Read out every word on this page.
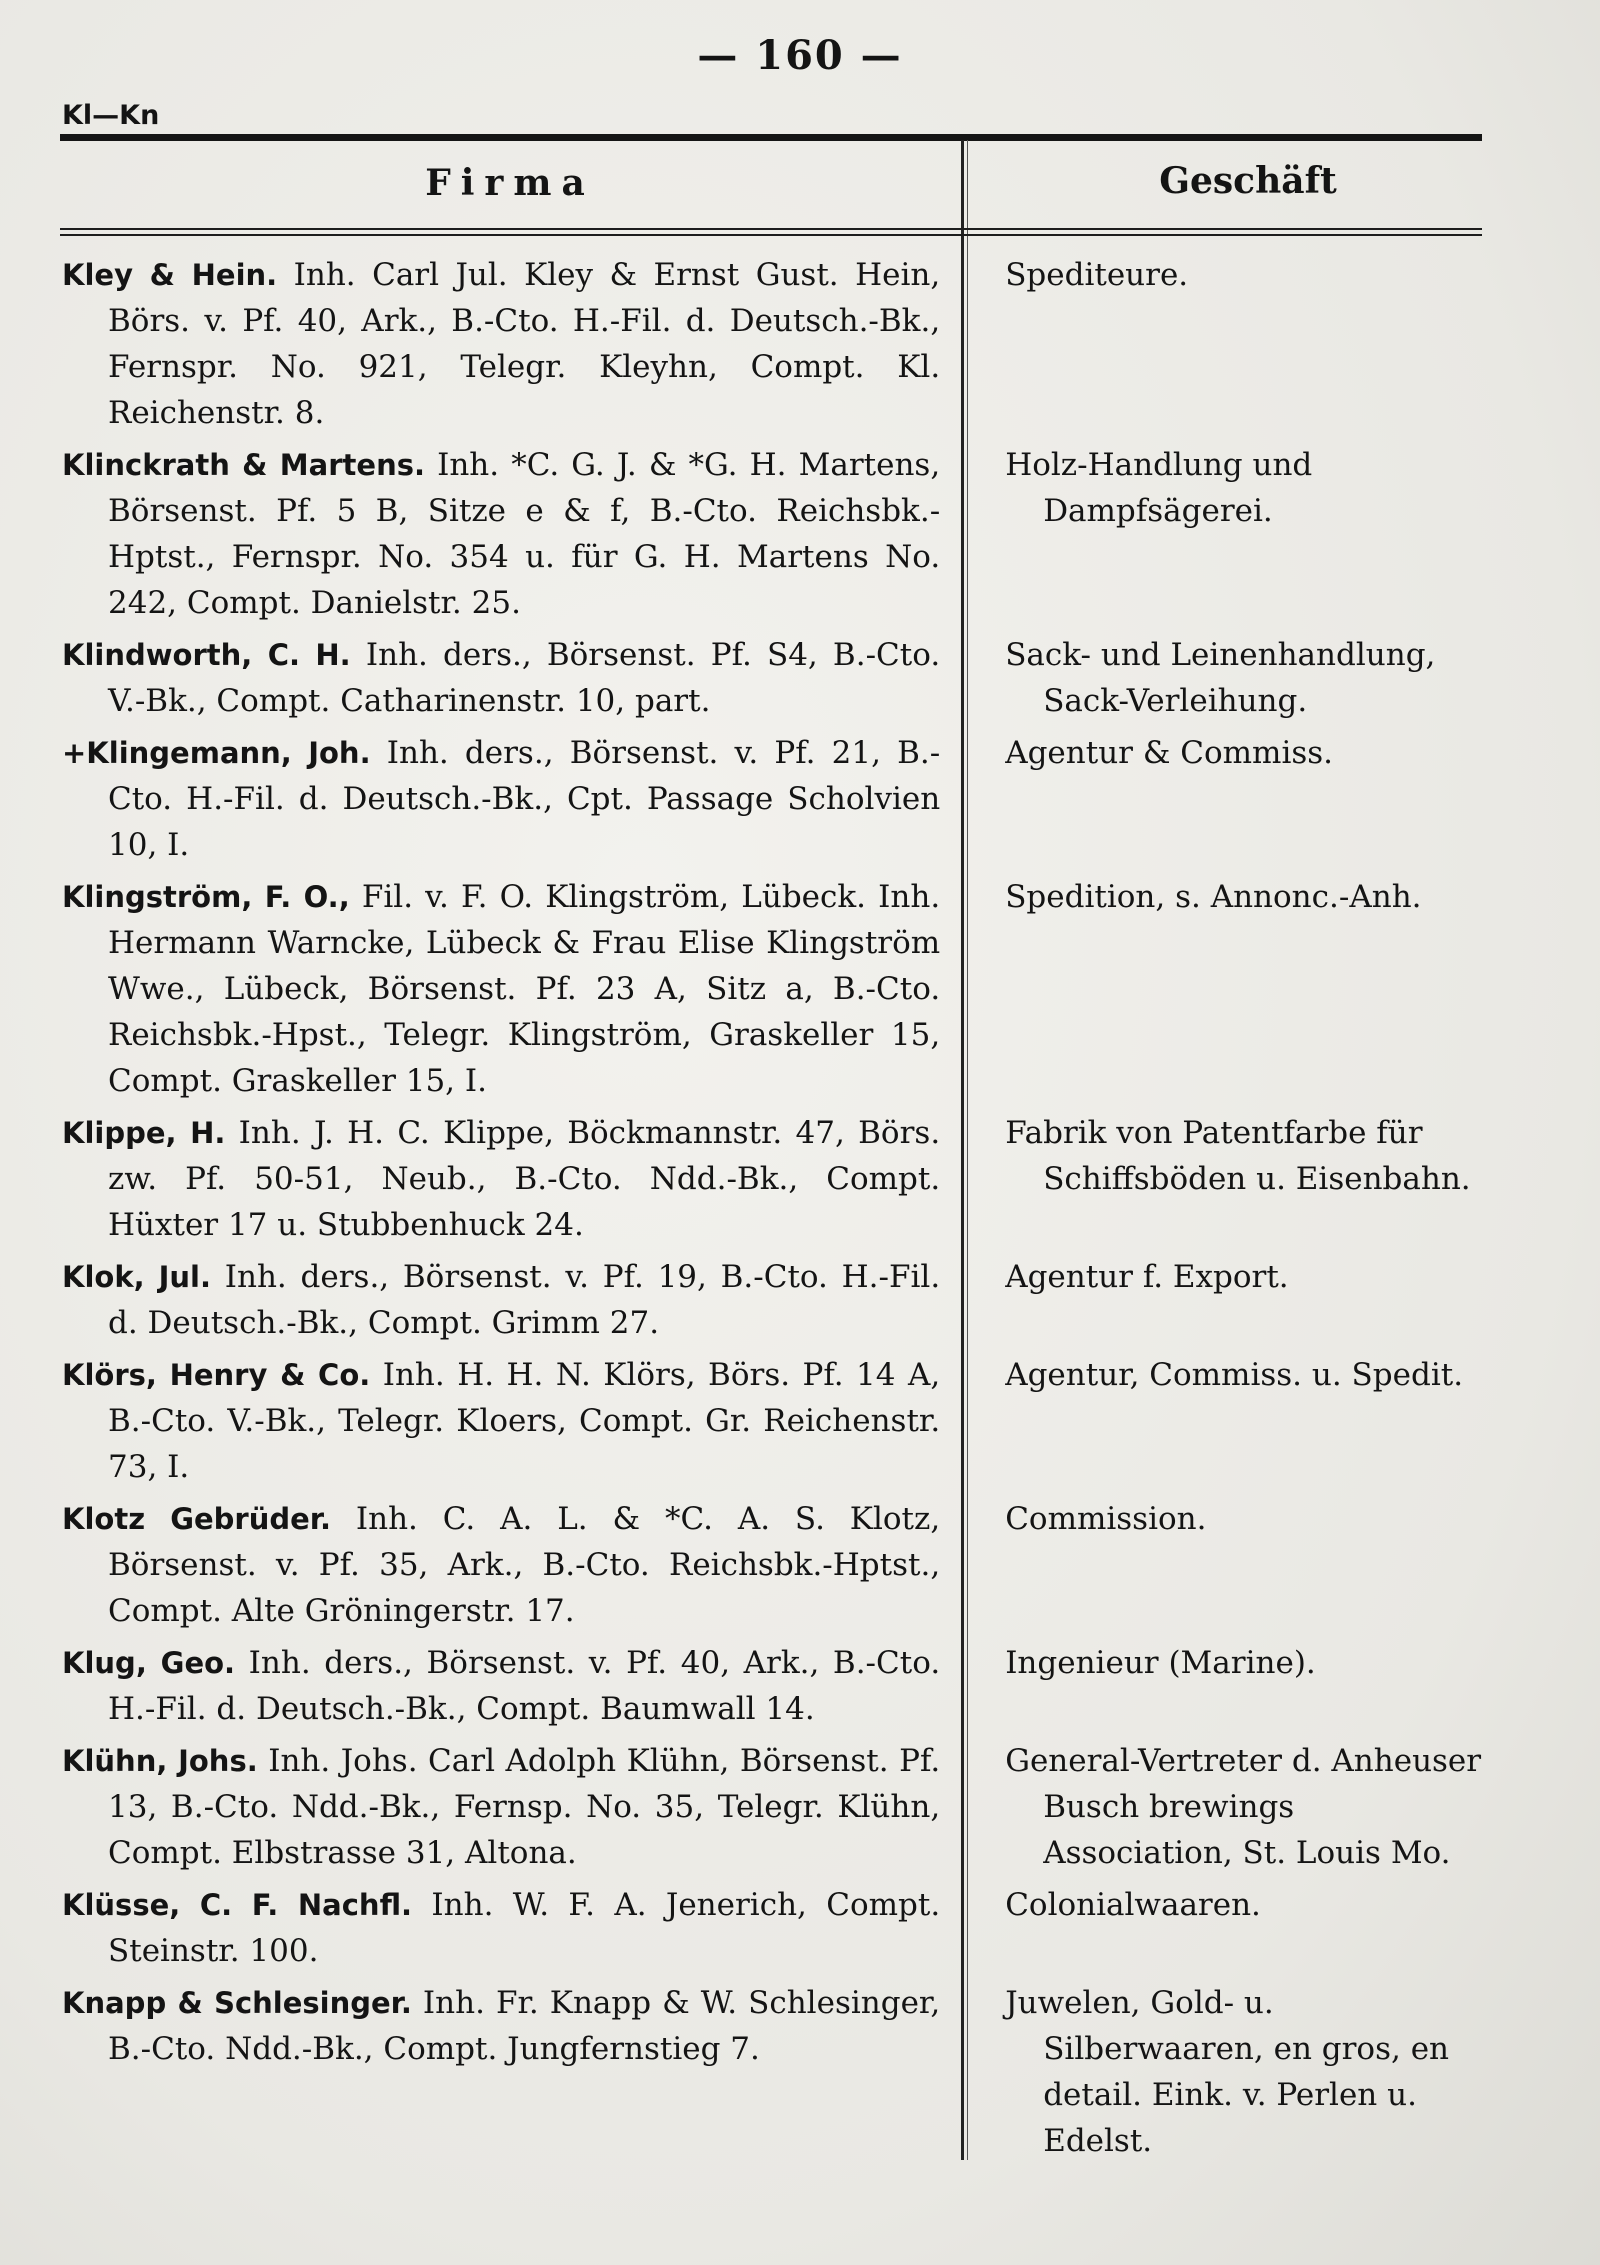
— 160 —
Kl—Kn
Firma	Geschäft
Kley & Hein. Inh. Carl Jul. Kley & Ernst Gust. Hein, Börs. v. Pf. 40, Ark., B.-Cto. H.-Fil. d. Deutsch.-Bk., Fernspr. No. 921, Telegr. Kleyhn, Compt. Kl. Reichenstr. 8.
Spediteure.
Klinckrath & Martens. Inh. *C. G. J. & *G. H. Martens, Börsenst. Pf. 5 B, Sitze e & f, B.-Cto. Reichsbk.-Hptst., Fernspr. No. 354 u. für G. H. Martens No. 242, Compt. Danielstr. 25.
Holz-Handlung und Dampfsägerei.
Klindworth, C. H. Inh. ders., Börsenst. Pf. S4, B.-Cto. V.-Bk., Compt. Catharinenstr. 10, part.
Sack- und Leinenhandlung, Sack-Verleihung.
+Klingemann, Joh. Inh. ders., Börsenst. v. Pf. 21, B.-Cto. H.-Fil. d. Deutsch.-Bk., Cpt. Passage Scholvien 10, I.
Agentur & Commiss.
Klingström, F. O., Fil. v. F. O. Klingström, Lübeck. Inh. Hermann Warncke, Lübeck & Frau Elise Klingström Wwe., Lübeck, Börsenst. Pf. 23 A, Sitz a, B.-Cto. Reichsbk.-Hpst., Telegr. Klingström, Graskeller 15, Compt. Graskeller 15, I.
Spedition, s. Annonc.-Anh.
Klippe, H. Inh. J. H. C. Klippe, Böckmannstr. 47, Börs. zw. Pf. 50-51, Neub., B.-Cto. Ndd.-Bk., Compt. Hüxter 17 u. Stubbenhuck 24.
Fabrik von Patentfarbe für Schiffsböden u. Eisenbahn.
Klok, Jul. Inh. ders., Börsenst. v. Pf. 19, B.-Cto. H.-Fil. d. Deutsch.-Bk., Compt. Grimm 27.
Agentur f. Export.
Klörs, Henry & Co. Inh. H. H. N. Klörs, Börs. Pf. 14 A, B.-Cto. V.-Bk., Telegr. Kloers, Compt. Gr. Reichenstr. 73, I.
Agentur, Commiss. u. Spedit.
Klotz Gebrüder. Inh. C. A. L. & *C. A. S. Klotz, Börsenst. v. Pf. 35, Ark., B.-Cto. Reichsbk.-Hptst., Compt. Alte Gröningerstr. 17.
Commission.
Klug, Geo. Inh. ders., Börsenst. v. Pf. 40, Ark., B.-Cto. H.-Fil. d. Deutsch.-Bk., Compt. Baumwall 14.
Ingenieur (Marine).
Klühn, Johs. Inh. Johs. Carl Adolph Klühn, Börsenst. Pf. 13, B.-Cto. Ndd.-Bk., Fernsp. No. 35, Telegr. Klühn, Compt. Elbstrasse 31, Altona.
General-Vertreter d. Anheuser Busch brewings Association, St. Louis Mo.
Klüsse, C. F. Nachfl. Inh. W. F. A. Jenerich, Compt. Steinstr. 100.
Colonialwaaren.
Knapp & Schlesinger. Inh. Fr. Knapp & W. Schlesinger, B.-Cto. Ndd.-Bk., Compt. Jungfernstieg 7.
Juwelen, Gold- u. Silberwaaren, en gros, en detail. Eink. v. Perlen u. Edelst.
